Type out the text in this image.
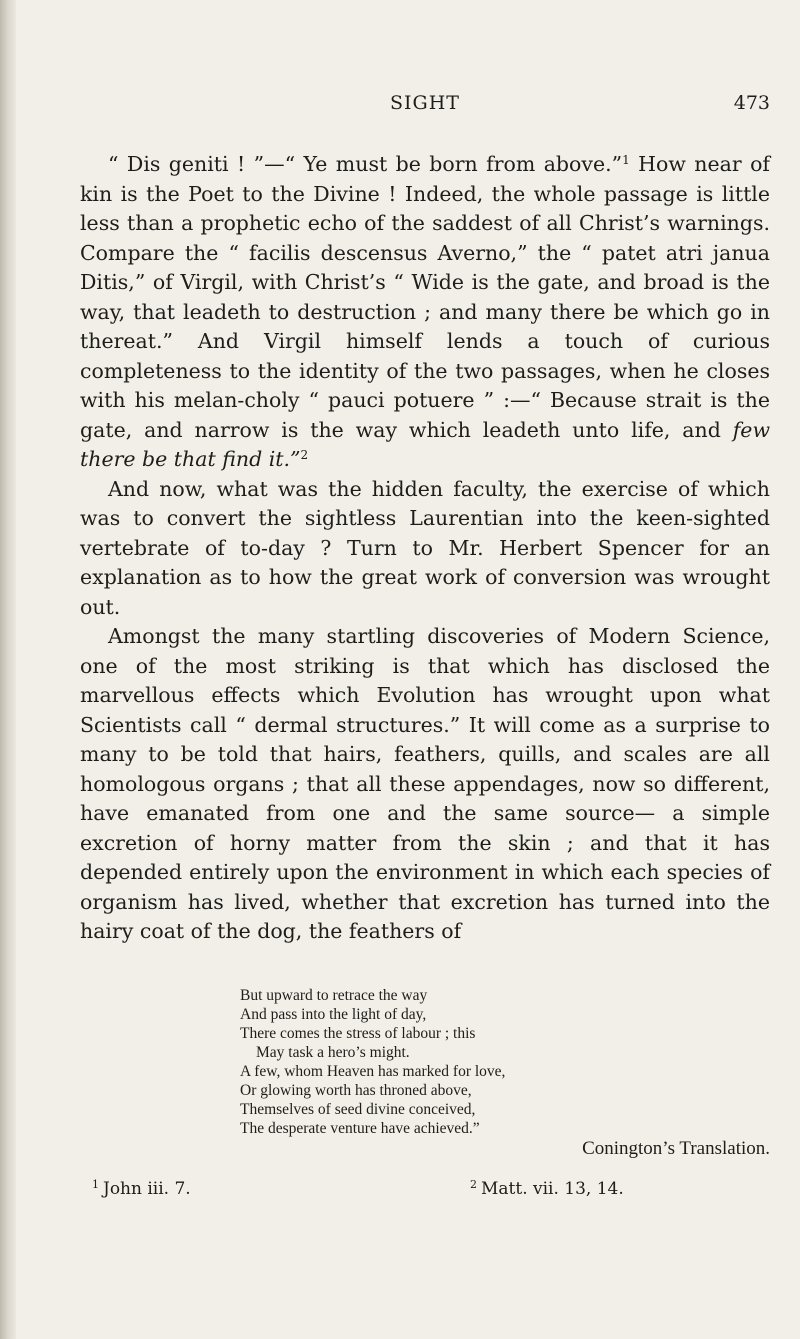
SIGHT	473

“ Dis geniti ! ”—“ Ye must be born from above.”$^1$ How near of kin is the Poet to the Divine ! Indeed, the whole passage is little less than a prophetic echo of the saddest of all Christ’s warnings. Compare the “ facilis descensus Averno,” the “ patet atri janua Ditis,” of Virgil, with Christ’s “ Wide is the gate, and broad is the way, that leadeth to destruction ; and many there be which go in thereat.” And Virgil himself lends a touch of curious completeness to the identity of the two passages, when he closes with his melan-choly “ pauci potuere ” :—“ Because strait is the gate, and narrow is the way which leadeth unto life, and few there be that find it.”$^2$

And now, what was the hidden faculty, the exercise of which was to convert the sightless Laurentian into the keen-sighted vertebrate of to-day ? Turn to Mr. Herbert Spencer for an explanation as to how the great work of conversion was wrought out.

Amongst the many startling discoveries of Modern Science, one of the most striking is that which has disclosed the marvellous effects which Evolution has wrought upon what Scientists call “ dermal structures.” It will come as a surprise to many to be told that hairs, feathers, quills, and scales are all homologous organs ; that all these appendages, now so different, have emanated from one and the same source— a simple excretion of horny matter from the skin ; and that it has depended entirely upon the environment in which each species of organism has lived, whether that excretion has turned into the hairy coat of the dog, the feathers of

But upward to retrace the way
And pass into the light of day,
There comes the stress of labour ; this
May task a hero’s might.
A few, whom Heaven has marked for love,
Or glowing worth has throned above,
Themselves of seed divine conceived,
The desperate venture have achieved.”
Conington’s Translation.
$^1$ John iii. 7.	$^2$ Matt. vii. 13, 14.
